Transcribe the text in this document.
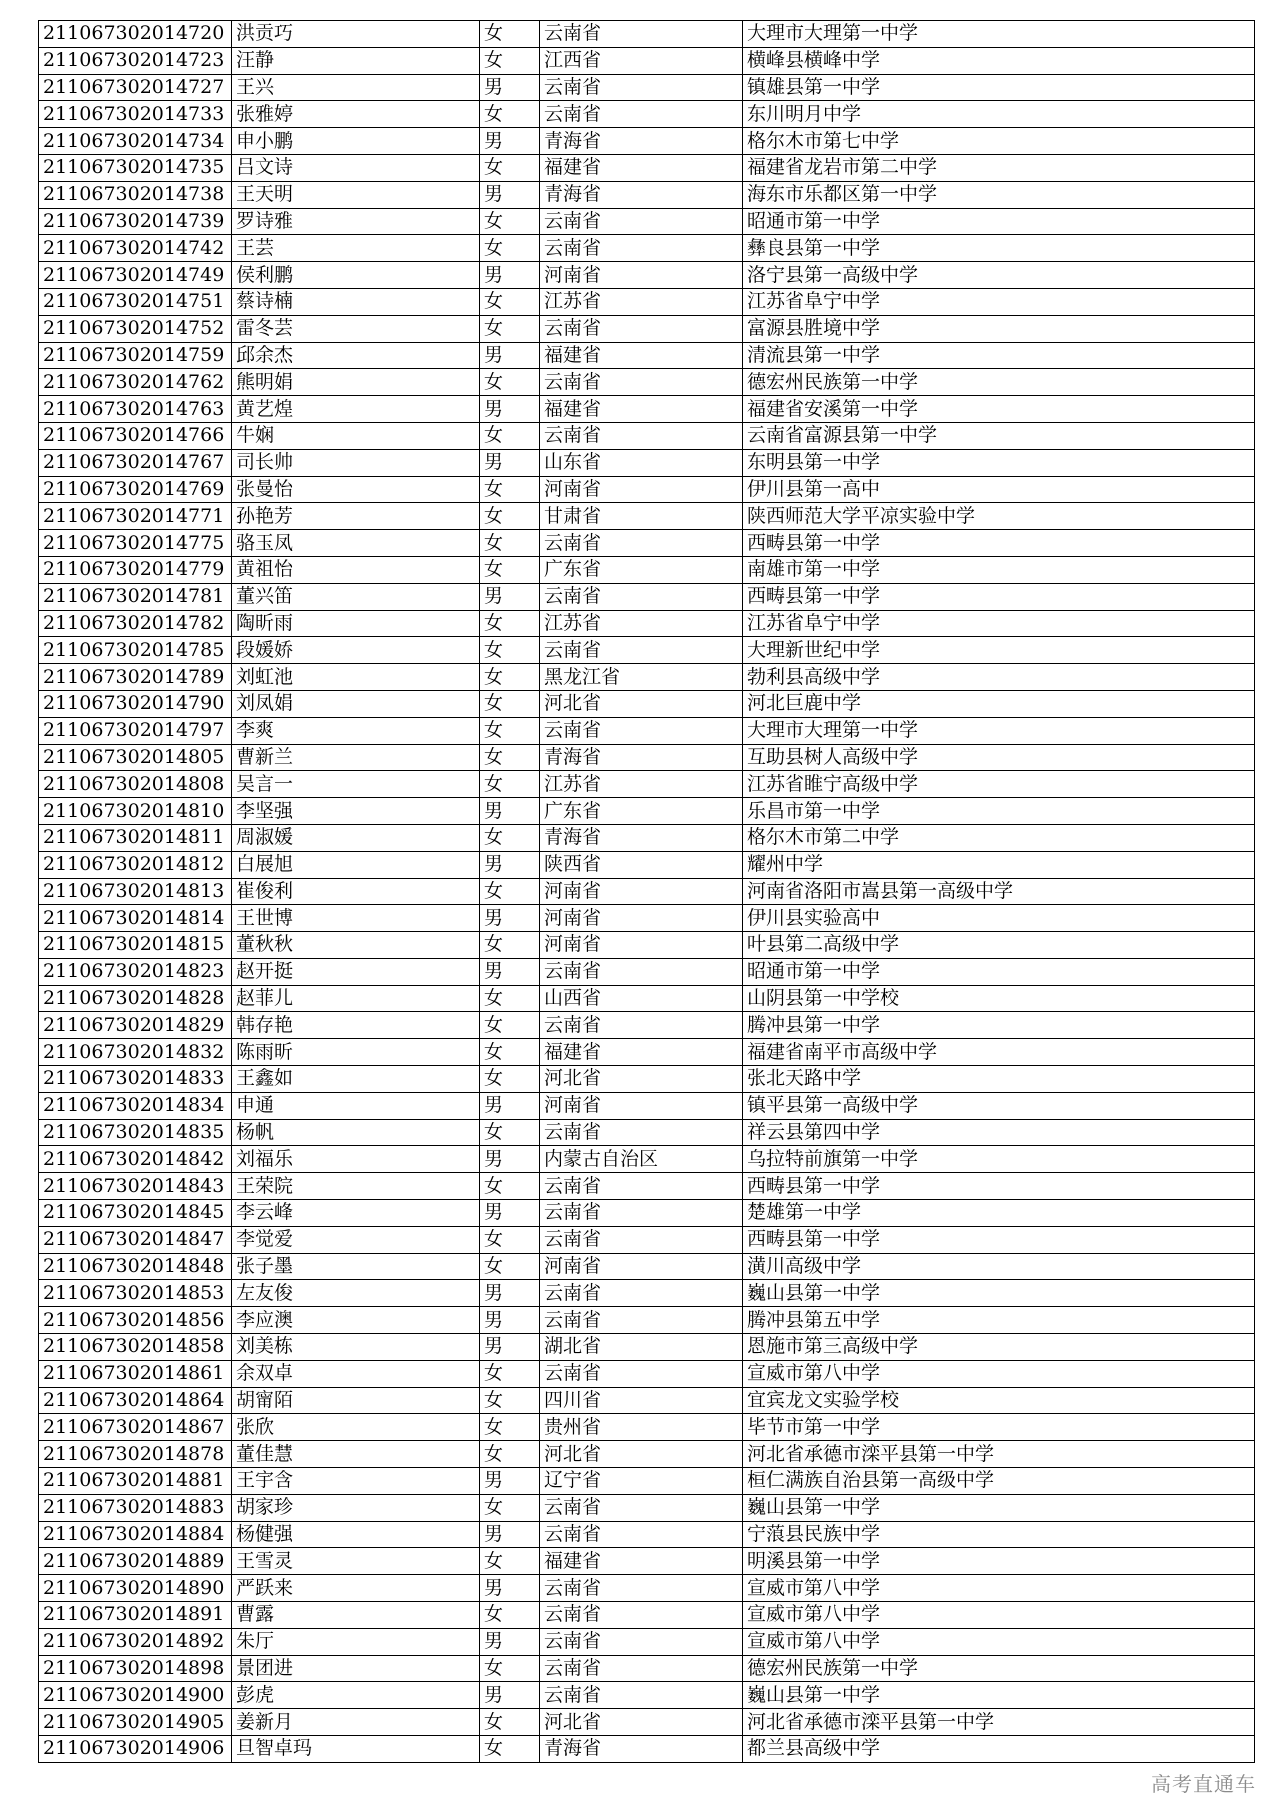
211067302014720	洪贡巧	女	云南省	大理市大理第一中学
211067302014723	汪静	女	江西省	横峰县横峰中学
211067302014727	王兴	男	云南省	镇雄县第一中学
211067302014733	张雅婷	女	云南省	东川明月中学
211067302014734	申小鹏	男	青海省	格尔木市第七中学
211067302014735	吕文诗	女	福建省	福建省龙岩市第二中学
211067302014738	王天明	男	青海省	海东市乐都区第一中学
211067302014739	罗诗雅	女	云南省	昭通市第一中学
211067302014742	王芸	女	云南省	彝良县第一中学
211067302014749	侯利鹏	男	河南省	洛宁县第一高级中学
211067302014751	蔡诗楠	女	江苏省	江苏省阜宁中学
211067302014752	雷冬芸	女	云南省	富源县胜境中学
211067302014759	邱余杰	男	福建省	清流县第一中学
211067302014762	熊明娟	女	云南省	德宏州民族第一中学
211067302014763	黄艺煌	男	福建省	福建省安溪第一中学
211067302014766	牛娴	女	云南省	云南省富源县第一中学
211067302014767	司长帅	男	山东省	东明县第一中学
211067302014769	张曼怡	女	河南省	伊川县第一高中
211067302014771	孙艳芳	女	甘肃省	陕西师范大学平凉实验中学
211067302014775	骆玉凤	女	云南省	西畴县第一中学
211067302014779	黄祖怡	女	广东省	南雄市第一中学
211067302014781	董兴笛	男	云南省	西畴县第一中学
211067302014782	陶昕雨	女	江苏省	江苏省阜宁中学
211067302014785	段媛娇	女	云南省	大理新世纪中学
211067302014789	刘虹池	女	黑龙江省	勃利县高级中学
211067302014790	刘凤娟	女	河北省	河北巨鹿中学
211067302014797	李爽	女	云南省	大理市大理第一中学
211067302014805	曹新兰	女	青海省	互助县树人高级中学
211067302014808	吴言一	女	江苏省	江苏省睢宁高级中学
211067302014810	李坚强	男	广东省	乐昌市第一中学
211067302014811	周淑媛	女	青海省	格尔木市第二中学
211067302014812	白展旭	男	陕西省	耀州中学
211067302014813	崔俊利	女	河南省	河南省洛阳市嵩县第一高级中学
211067302014814	王世博	男	河南省	伊川县实验高中
211067302014815	董秋秋	女	河南省	叶县第二高级中学
211067302014823	赵开挺	男	云南省	昭通市第一中学
211067302014828	赵菲儿	女	山西省	山阴县第一中学校
211067302014829	韩存艳	女	云南省	腾冲县第一中学
211067302014832	陈雨昕	女	福建省	福建省南平市高级中学
211067302014833	王鑫如	女	河北省	张北天路中学
211067302014834	申通	男	河南省	镇平县第一高级中学
211067302014835	杨帆	女	云南省	祥云县第四中学
211067302014842	刘福乐	男	内蒙古自治区	乌拉特前旗第一中学
211067302014843	王荣院	女	云南省	西畴县第一中学
211067302014845	李云峰	男	云南省	楚雄第一中学
211067302014847	李觉爱	女	云南省	西畴县第一中学
211067302014848	张子墨	女	河南省	潢川高级中学
211067302014853	左友俊	男	云南省	巍山县第一中学
211067302014856	李应澳	男	云南省	腾冲县第五中学
211067302014858	刘美栋	男	湖北省	恩施市第三高级中学
211067302014861	余双卓	女	云南省	宣威市第八中学
211067302014864	胡甯陌	女	四川省	宜宾龙文实验学校
211067302014867	张欣	女	贵州省	毕节市第一中学
211067302014878	董佳慧	女	河北省	河北省承德市滦平县第一中学
211067302014881	王宇含	男	辽宁省	桓仁满族自治县第一高级中学
211067302014883	胡家珍	女	云南省	巍山县第一中学
211067302014884	杨健强	男	云南省	宁蒗县民族中学
211067302014889	王雪灵	女	福建省	明溪县第一中学
211067302014890	严跃来	男	云南省	宣威市第八中学
211067302014891	曹露	女	云南省	宣威市第八中学
211067302014892	朱厅	男	云南省	宣威市第八中学
211067302014898	景团进	女	云南省	德宏州民族第一中学
211067302014900	彭虎	男	云南省	巍山县第一中学
211067302014905	姜新月	女	河北省	河北省承德市滦平县第一中学
211067302014906	旦智卓玛	女	青海省	都兰县高级中学
高考直通车
